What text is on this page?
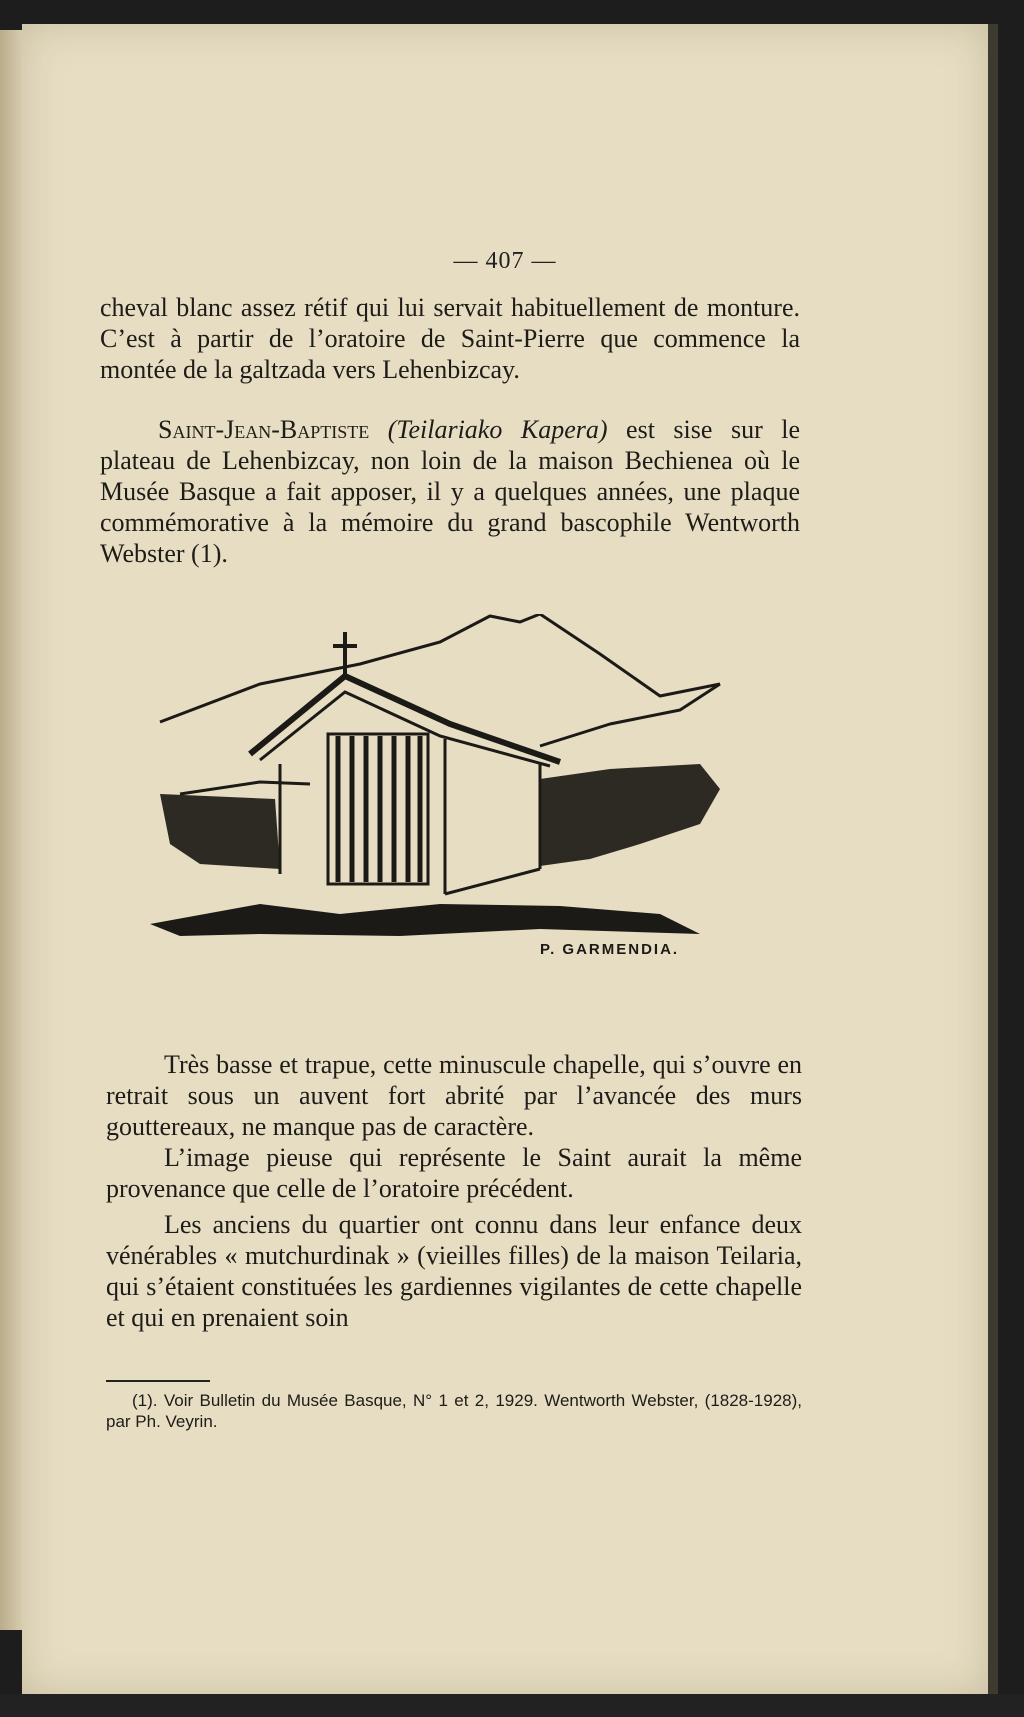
— 407 —

cheval blanc assez rétif qui lui servait habituellement de monture. C’est à partir de l’oratoire de Saint-Pierre que commence la montée de la galtzada vers Lehenbizcay.

Saint-Jean-Baptiste (Teilariako Kapera) est sise sur le plateau de Lehenbizcay, non loin de la maison Bechienea où le Musée Basque a fait apposer, il y a quelques années, une plaque commémorative à la mémoire du grand bascophile Wentworth Webster (1).

P. GARMENDIA.

Très basse et trapue, cette minuscule chapelle, qui s’ouvre en retrait sous un auvent fort abrité par l’avancée des murs gouttereaux, ne manque pas de caractère.

L’image pieuse qui représente le Saint aurait la même provenance que celle de l’oratoire précédent.

Les anciens du quartier ont connu dans leur enfance deux vénérables « mutchurdinak » (vieilles filles) de la maison Teilaria, qui s’étaient constituées les gardiennes vigilantes de cette chapelle et qui en prenaient soin

(1). Voir Bulletin du Musée Basque, N° 1 et 2, 1929. Wentworth Webster, (1828-1928), par Ph. Veyrin.
